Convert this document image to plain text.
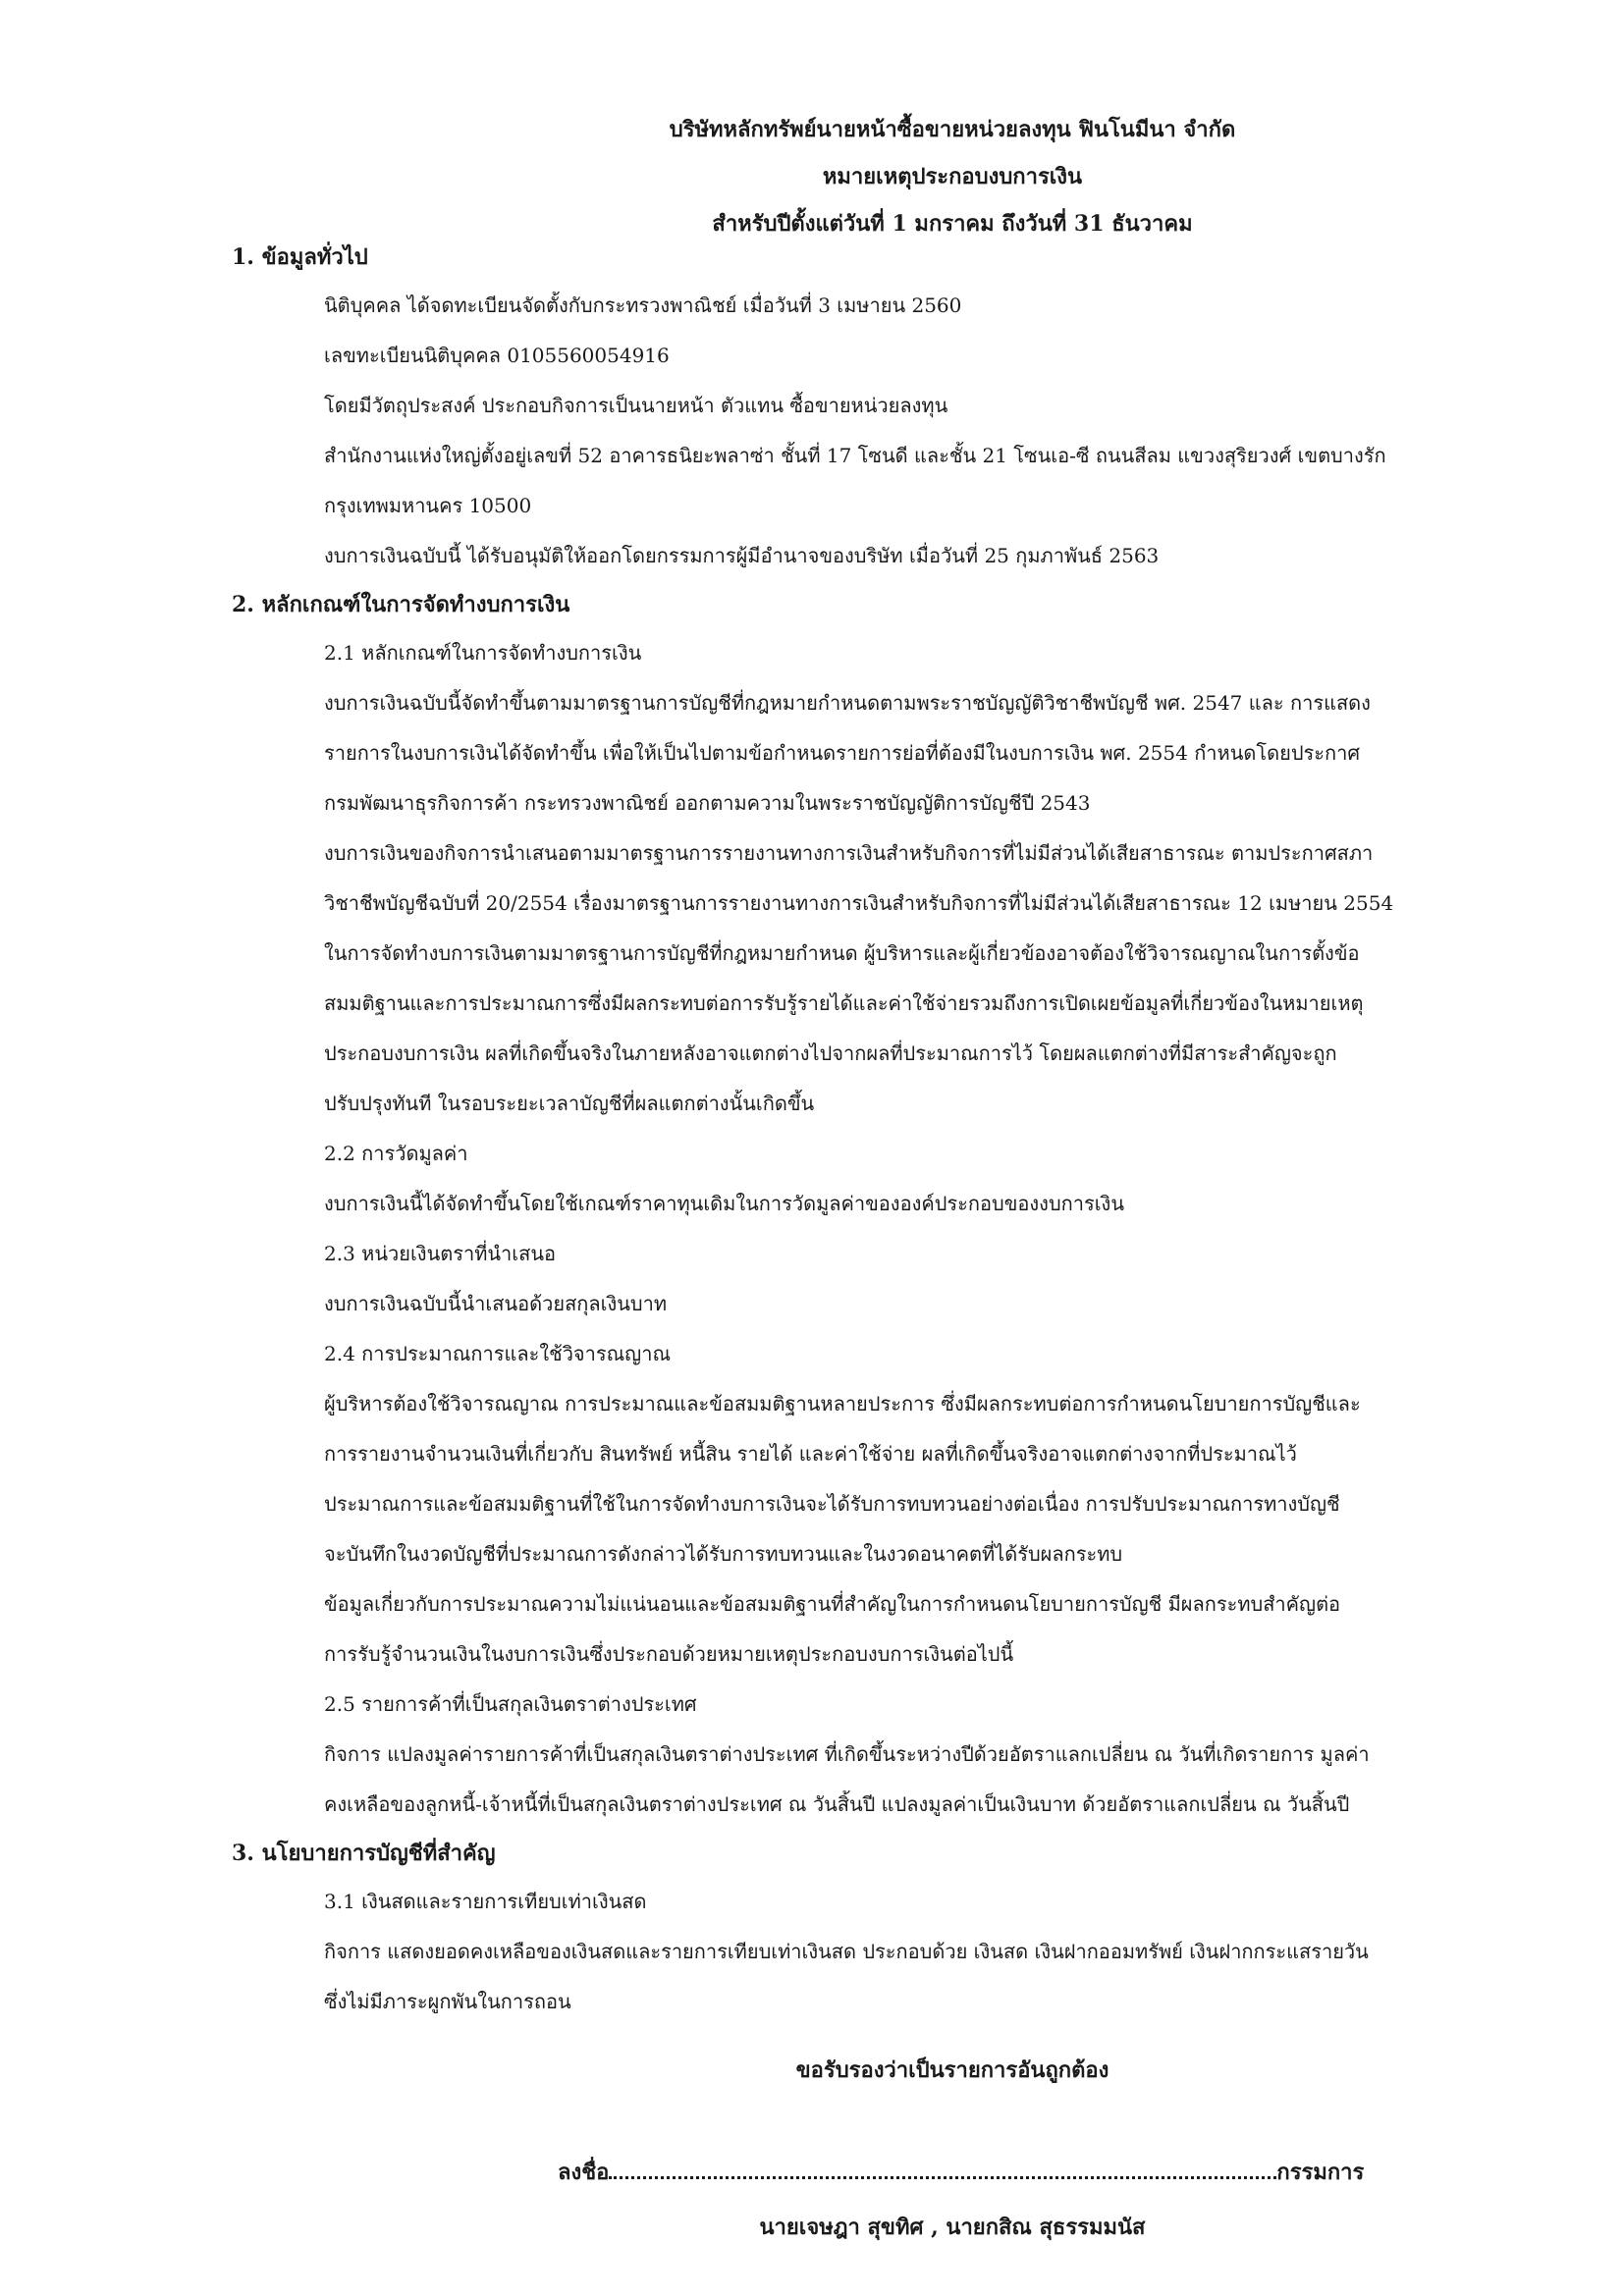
บริษัทหลักทรัพย์นายหน้าซื้อขายหน่วยลงทุน ฟินโนมีนา จำกัด
หมายเหตุประกอบงบการเงิน
สำหรับปีตั้งแต่วันที่ 1 มกราคม ถึงวันที่ 31 ธันวาคม
1. ข้อมูลทั่วไป
นิติบุคคล ได้จดทะเบียนจัดตั้งกับกระทรวงพาณิชย์ เมื่อวันที่ 3 เมษายน 2560
เลขทะเบียนนิติบุคคล 0105560054916
โดยมีวัตถุประสงค์ ประกอบกิจการเป็นนายหน้า ตัวแทน ซื้อขายหน่วยลงทุน
สำนักงานแห่งใหญ่ตั้งอยู่เลขที่ 52 อาคารธนิยะพลาซ่า ชั้นที่ 17 โซนดี และชั้น 21 โซนเอ-ซี ถนนสีลม แขวงสุริยวงศ์ เขตบางรัก
กรุงเทพมหานคร 10500
งบการเงินฉบับนี้ ได้รับอนุมัติให้ออกโดยกรรมการผู้มีอำนาจของบริษัท เมื่อวันที่ 25 กุมภาพันธ์ 2563
2. หลักเกณฑ์ในการจัดทำงบการเงิน
2.1 หลักเกณฑ์ในการจัดทำงบการเงิน
งบการเงินฉบับนี้จัดทำขึ้นตามมาตรฐานการบัญชีที่กฎหมายกำหนดตามพระราชบัญญัติวิชาชีพบัญชี พศ. 2547 และ การแสดง
รายการในงบการเงินได้จัดทำขึ้น เพื่อให้เป็นไปตามข้อกำหนดรายการย่อที่ต้องมีในงบการเงิน พศ. 2554 กำหนดโดยประกาศ
กรมพัฒนาธุรกิจการค้า กระทรวงพาณิชย์ ออกตามความในพระราชบัญญัติการบัญชีปี 2543
งบการเงินของกิจการนำเสนอตามมาตรฐานการรายงานทางการเงินสำหรับกิจการที่ไม่มีส่วนได้เสียสาธารณะ ตามประกาศสภา
วิชาชีพบัญชีฉบับที่ 20/2554 เรื่องมาตรฐานการรายงานทางการเงินสำหรับกิจการที่ไม่มีส่วนได้เสียสาธารณะ 12 เมษายน 2554
ในการจัดทำงบการเงินตามมาตรฐานการบัญชีที่กฎหมายกำหนด ผู้บริหารและผู้เกี่ยวข้องอาจต้องใช้วิจารณญาณในการตั้งข้อ
สมมติฐานและการประมาณการซึ่งมีผลกระทบต่อการรับรู้รายได้และค่าใช้จ่ายรวมถึงการเปิดเผยข้อมูลที่เกี่ยวข้องในหมายเหตุ
ประกอบงบการเงิน ผลที่เกิดขึ้นจริงในภายหลังอาจแตกต่างไปจากผลที่ประมาณการไว้ โดยผลแตกต่างที่มีสาระสำคัญจะถูก
ปรับปรุงทันที ในรอบระยะเวลาบัญชีที่ผลแตกต่างนั้นเกิดขึ้น
2.2 การวัดมูลค่า
งบการเงินนี้ได้จัดทำขึ้นโดยใช้เกณฑ์ราคาทุนเดิมในการวัดมูลค่าขององค์ประกอบของงบการเงิน
2.3 หน่วยเงินตราที่นำเสนอ
งบการเงินฉบับนี้นำเสนอด้วยสกุลเงินบาท
2.4 การประมาณการและใช้วิจารณญาณ
ผู้บริหารต้องใช้วิจารณญาณ การประมาณและข้อสมมติฐานหลายประการ ซึ่งมีผลกระทบต่อการกำหนดนโยบายการบัญชีและ
การรายงานจำนวนเงินที่เกี่ยวกับ สินทรัพย์ หนี้สิน รายได้ และค่าใช้จ่าย ผลที่เกิดขึ้นจริงอาจแตกต่างจากที่ประมาณไว้
ประมาณการและข้อสมมติฐานที่ใช้ในการจัดทำงบการเงินจะได้รับการทบทวนอย่างต่อเนื่อง การปรับประมาณการทางบัญชี
จะบันทึกในงวดบัญชีที่ประมาณการดังกล่าวได้รับการทบทวนและในงวดอนาคตที่ได้รับผลกระทบ
ข้อมูลเกี่ยวกับการประมาณความไม่แน่นอนและข้อสมมติฐานที่สำคัญในการกำหนดนโยบายการบัญชี มีผลกระทบสำคัญต่อ
การรับรู้จำนวนเงินในงบการเงินซึ่งประกอบด้วยหมายเหตุประกอบงบการเงินต่อไปนี้
2.5 รายการค้าที่เป็นสกุลเงินตราต่างประเทศ
กิจการ แปลงมูลค่ารายการค้าที่เป็นสกุลเงินตราต่างประเทศ ที่เกิดขึ้นระหว่างปีด้วยอัตราแลกเปลี่ยน ณ วันที่เกิดรายการ มูลค่า
คงเหลือของลูกหนี้-เจ้าหนี้ที่เป็นสกุลเงินตราต่างประเทศ ณ วันสิ้นปี แปลงมูลค่าเป็นเงินบาท ด้วยอัตราแลกเปลี่ยน ณ วันสิ้นปี
3. นโยบายการบัญชีที่สำคัญ
3.1 เงินสดและรายการเทียบเท่าเงินสด
กิจการ แสดงยอดคงเหลือของเงินสดและรายการเทียบเท่าเงินสด ประกอบด้วย เงินสด เงินฝากออมทรัพย์ เงินฝากกระแสรายวัน
ซึ่งไม่มีภาระผูกพันในการถอน
ขอรับรองว่าเป็นรายการอันถูกต้อง
ลงชื่อ	กรรมการ
นายเจษฎา สุขทิศ , นายกสิณ สุธรรมมนัส
